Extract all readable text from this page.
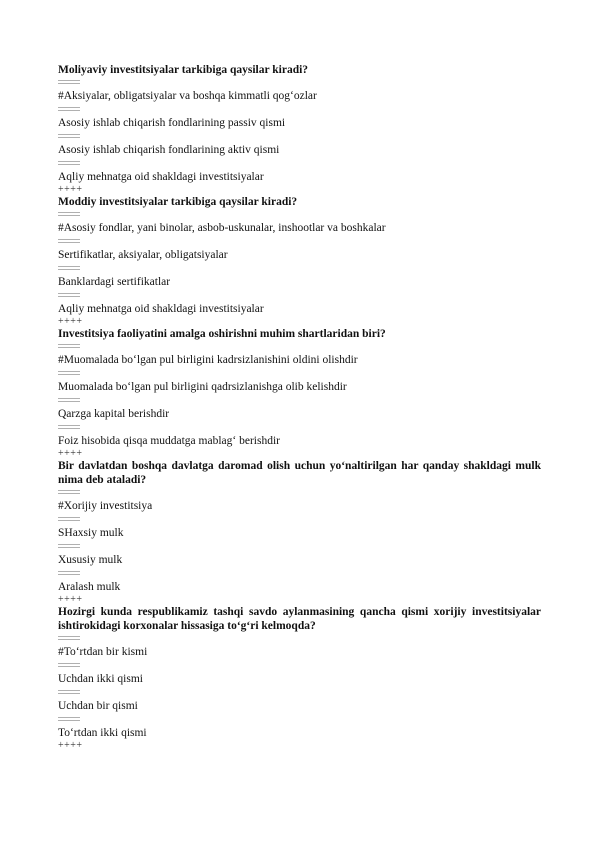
Moliyaviy investitsiyalar tarkibiga qaysilar kiradi?
#Aksiyalar, obligatsiyalar va boshqa kimmatli qog‘ozlar
Asosiy ishlab chiqarish fondlarining passiv qismi
Asosiy ishlab chiqarish fondlarining aktiv qismi
Aqliy mehnatga oid shakldagi investitsiyalar
++++
Moddiy investitsiyalar tarkibiga qaysilar kiradi?
#Asosiy fondlar, yani binolar, asbob-uskunalar, inshootlar va boshkalar
Sertifikatlar, aksiyalar, obligatsiyalar
Banklardagi sertifikatlar
Aqliy mehnatga oid shakldagi investitsiyalar
++++
Investitsiya faoliyatini amalga oshirishni muhim shartlaridan biri?
#Muomalada bo‘lgan pul birligini kadrsizlanishini oldini olishdir
Muomalada bo‘lgan pul birligini qadrsizlanishga olib kelishdir
Qarzga kapital berishdir
Foiz hisobida qisqa muddatga mablag‘ berishdir
++++
Bir davlatdan boshqa davlatga daromad olish uchun yo‘naltirilgan har qanday shakldagi mulk nima deb ataladi?
#Xorijiy investitsiya
SHaxsiy mulk
Xususiy mulk
Aralash mulk
++++
Hozirgi kunda respublikamiz tashqi savdo aylanmasining qancha qismi xorijiy investitsiyalar ishtirokidagi korxonalar hissasiga to‘g‘ri kelmoqda?
#To‘rtdan bir kismi
Uchdan ikki qismi
Uchdan bir qismi
To‘rtdan ikki qismi
++++
